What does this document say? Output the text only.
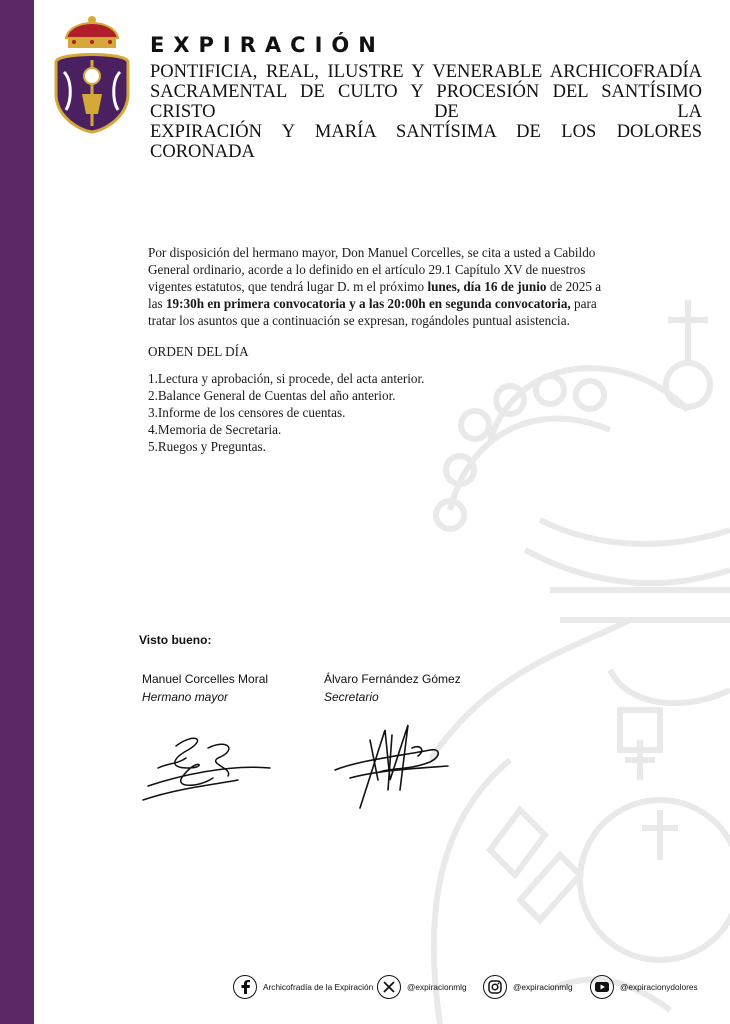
EXPIRACIÓN
PONTIFICIA, REAL, ILUSTRE Y VENERABLE ARCHICOFRADÍA
SACRAMENTAL DE CULTO Y PROCESIÓN DEL SANTÍSIMO CRISTO DE LA
EXPIRACIÓN Y MARÍA SANTÍSIMA DE LOS DOLORES CORONADA

Por disposición del hermano mayor, Don Manuel Corcelles, se cita a usted a Cabildo General ordinario, acorde a lo definido en el artículo 29.1 Capítulo XV de nuestros vigentes estatutos, que tendrá lugar D. m el próximo lunes, día 16 de junio de 2025 a las 19:30h en primera convocatoria y a las 20:00h en segunda convocatoria, para tratar los asuntos que a continuación se expresan, rogándoles puntual asistencia.

ORDEN DEL DÍA

1.Lectura y aprobación, si procede, del acta anterior.
2.Balance General de Cuentas del año anterior.
3.Informe de los censores de cuentas.
4.Memoria de Secretaria.
5.Ruegos y Preguntas.
Visto bueno:
Manuel Corcelles Moral
Hermano mayor
Álvaro Fernández Gómez
Secretario
Archicofradía de la Expiración	@expiracionmlg	@expiracionmlg	@expiracionydolores
